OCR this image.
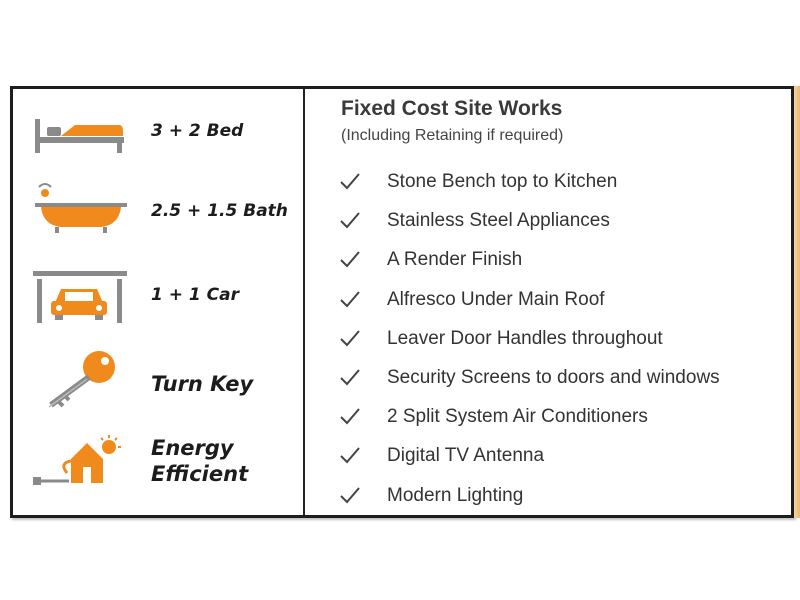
3 + 2 Bed
2.5 + 1.5 Bath
1 + 1 Car
Turn Key
Energy
Efficient
Fixed Cost Site Works
(Including Retaining if required)
Stone Bench top to Kitchen
Stainless Steel Appliances
A Render Finish
Alfresco Under Main Roof
Leaver Door Handles throughout
Security Screens to doors and windows
2 Split System Air Conditioners
Digital TV Antenna
Modern Lighting
